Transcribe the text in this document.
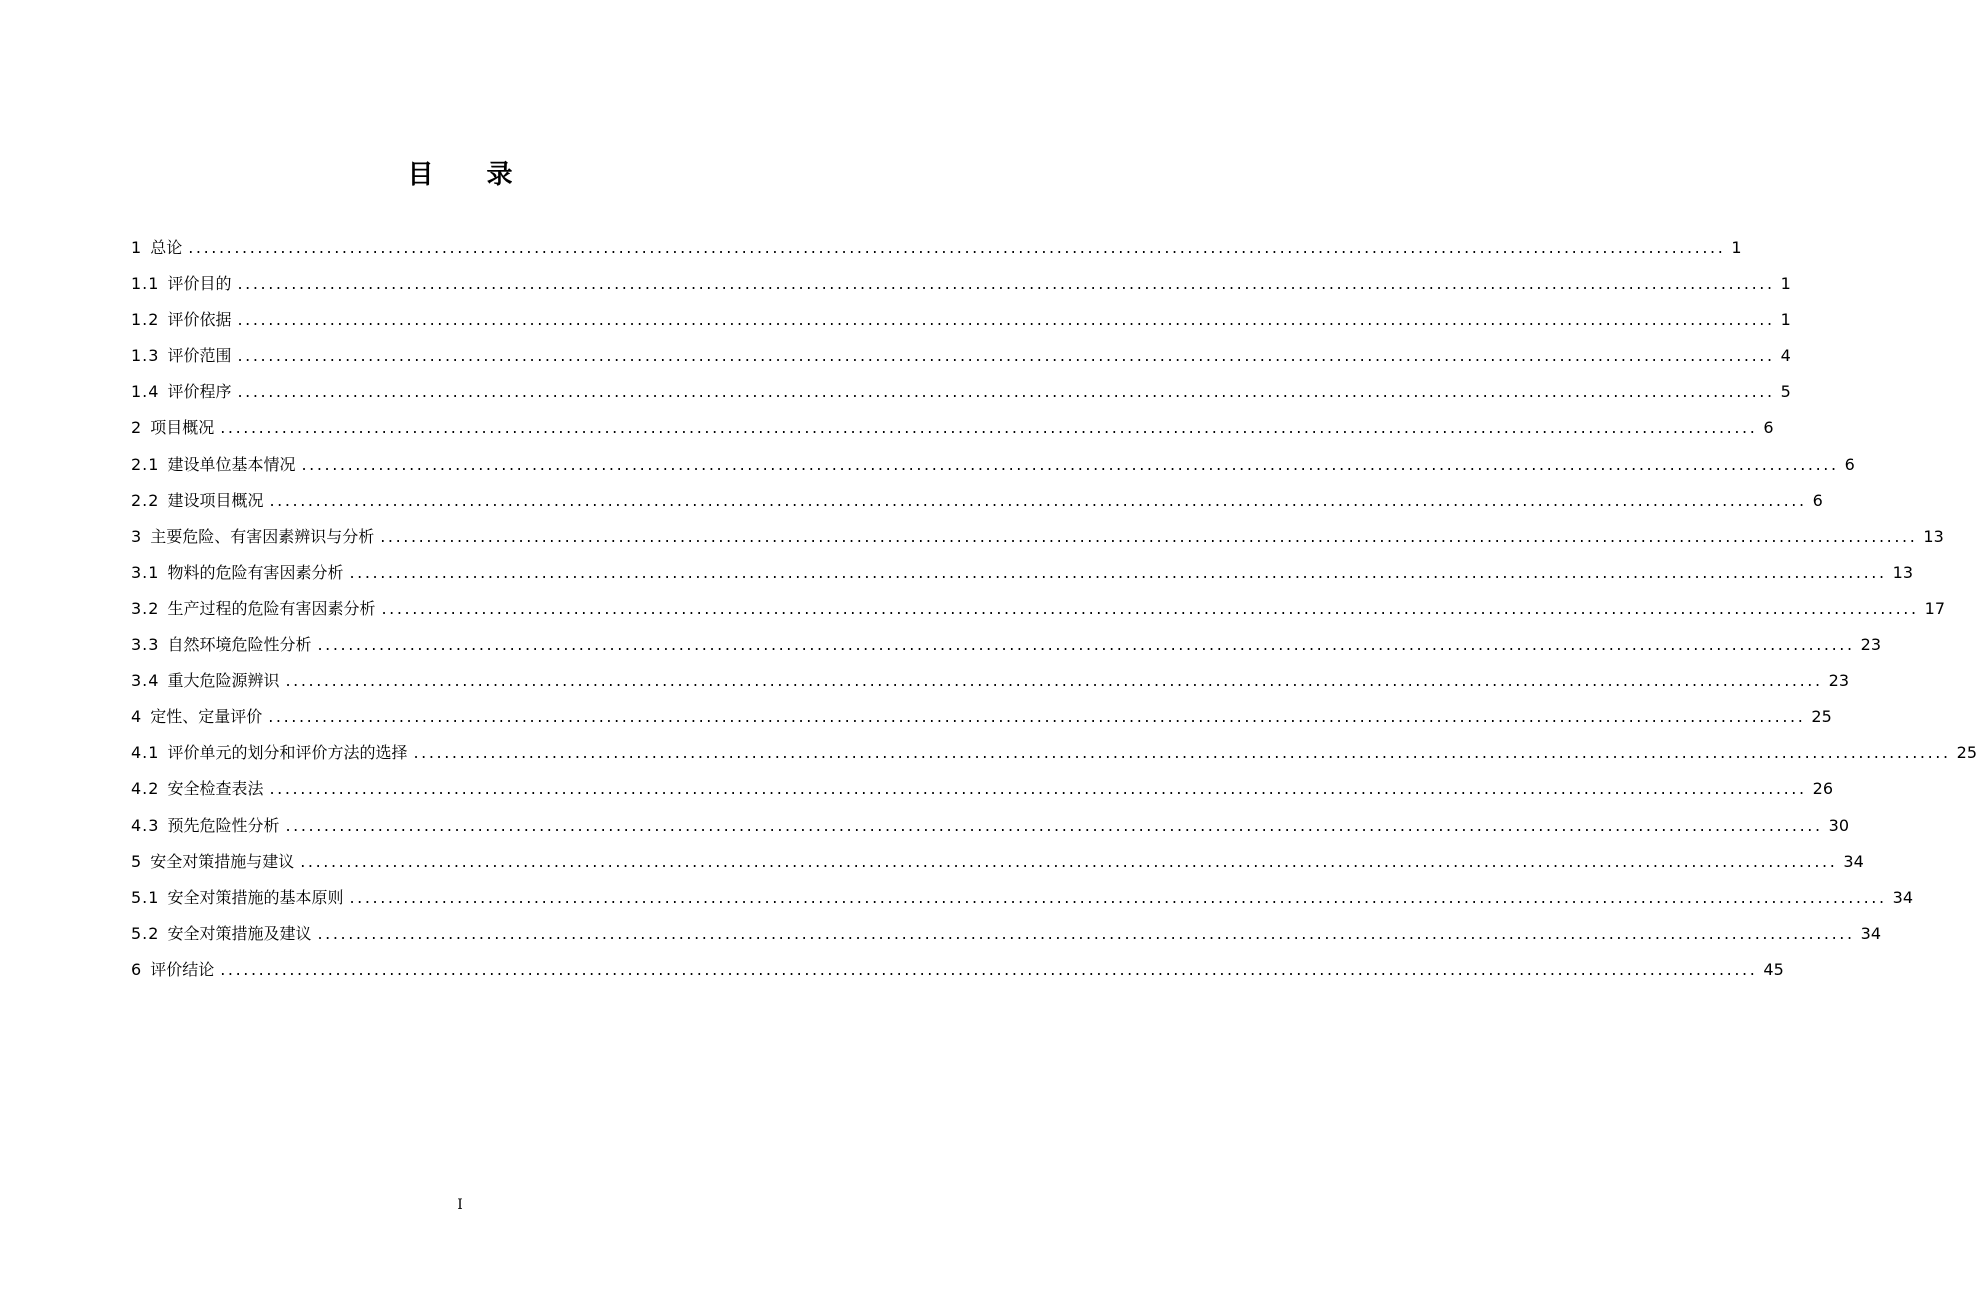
目 录
1 总论 ........................................................................................................................................................................................................ 1
1.1 评价目的 ........................................................................................................................................................................................................ 1
1.2 评价依据 ........................................................................................................................................................................................................ 1
1.3 评价范围 ........................................................................................................................................................................................................ 4
1.4 评价程序 ........................................................................................................................................................................................................ 5
2 项目概况 ........................................................................................................................................................................................................ 6
2.1 建设单位基本情况 ........................................................................................................................................................................................................ 6
2.2 建设项目概况 ........................................................................................................................................................................................................ 6
3 主要危险、有害因素辨识与分析 ........................................................................................................................................................................................................ 13
3.1 物料的危险有害因素分析 ........................................................................................................................................................................................................ 13
3.2 生产过程的危险有害因素分析 ........................................................................................................................................................................................................ 17
3.3 自然环境危险性分析 ........................................................................................................................................................................................................ 23
3.4 重大危险源辨识 ........................................................................................................................................................................................................ 23
4 定性、定量评价 ........................................................................................................................................................................................................ 25
4.1 评价单元的划分和评价方法的选择 ........................................................................................................................................................................................................ 25
4.2 安全检查表法 ........................................................................................................................................................................................................ 26
4.3 预先危险性分析 ........................................................................................................................................................................................................ 30
5 安全对策措施与建议 ........................................................................................................................................................................................................ 34
5.1 安全对策措施的基本原则 ........................................................................................................................................................................................................ 34
5.2 安全对策措施及建议 ........................................................................................................................................................................................................ 34
6 评价结论 ........................................................................................................................................................................................................ 45
I
